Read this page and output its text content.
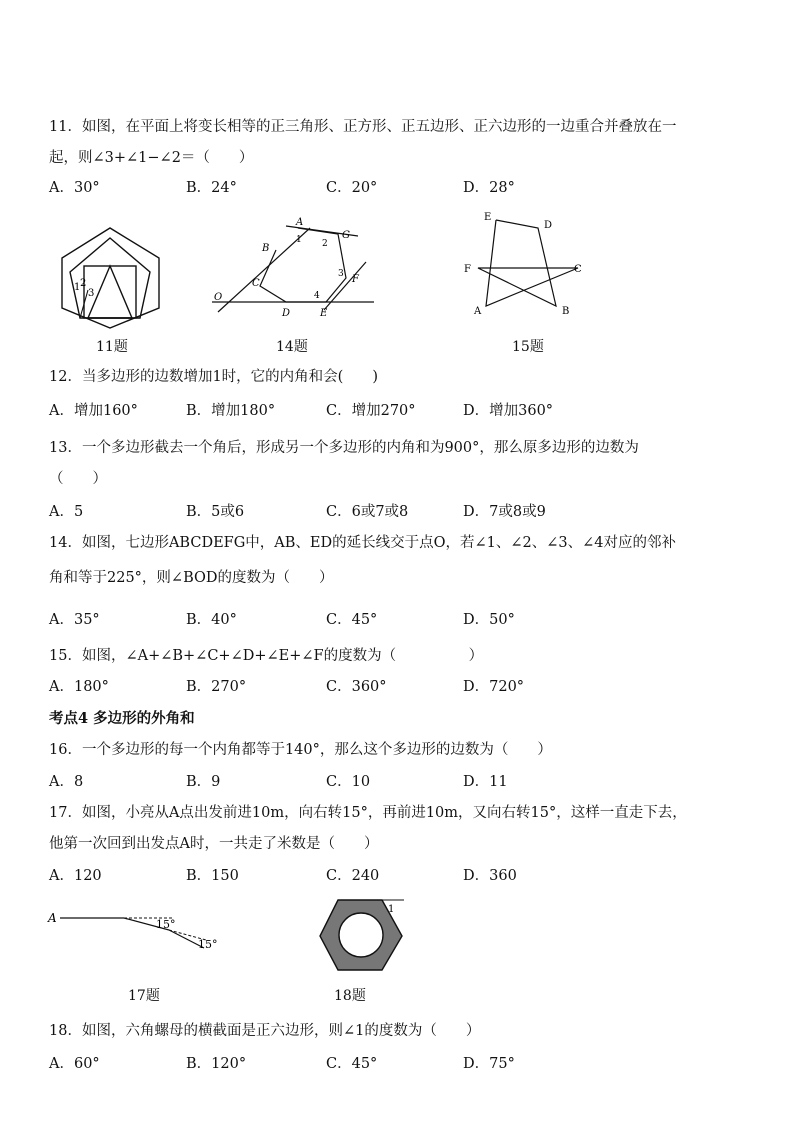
11．如图，在平面上将变长相等的正三角形、正方形、正五边形、正六边形的一边重合并叠放在一
起，则∠3+∠1−∠2＝（　　）
A．30°	B．24°	C．20°	D．28°
1 2
3
11题
A
B
C
D	E
F
G
O
1 2
3
4
14题
E
D
F	C
A	B
15题
12．当多边形的边数增加1时，它的内角和会(　　)
A．增加160°	B．增加180°	C．增加270°	D．增加360°
13．一个多边形截去一个角后，形成另一个多边形的内角和为900°，那么原多边形的边数为
（　　）
A．5	B．5或6	C．6或7或8	D．7或8或9
14．如图，七边形ABCDEFG中，AB、ED的延长线交于点O，若∠1、∠2、∠3、∠4对应的邻补
角和等于225°，则∠BOD的度数为（　　）
A．35°	B．40°	C．45°	D．50°
15．如图，∠A+∠B+∠C+∠D+∠E+∠F的度数为（　　　　　）
A．180°	B．270°	C．360°	D．720°
考点4 多边形的外角和
16．一个多边形的每一个内角都等于140°，那么这个多边形的边数为（　　）
A．8	B．9	C．10	D．11
17．如图，小亮从A点出发前进10m，向右转15°，再前进10m，又向右转15°，这样一直走下去，
他第一次回到出发点A时，一共走了米数是（　　）
A．120	B．150	C．240	D．360
A	15°
15°
17题
1
18题
18．如图，六角螺母的横截面是正六边形，则∠1的度数为（　　）
A．60°	B．120°	C．45°	D．75°
